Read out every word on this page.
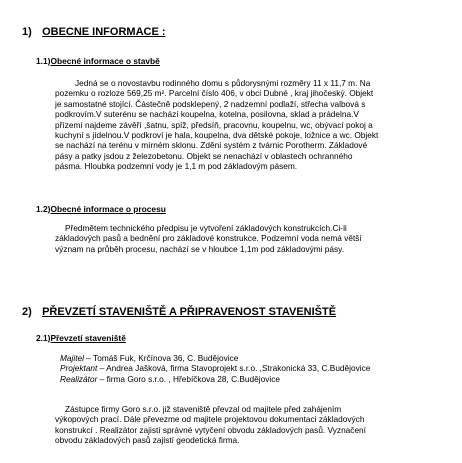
1) OBECNE INFORMACE :
1.1)Obecné informace o stavbě

Jedná se o novostavbu rodinného domu s půdorysnými rozměry 11 x 11,7 m. Na

pozemku o rozloze 569,25 m². Parcelní číslo 406, v obci Dubné , kraj jihočeský. Objekt

je samostatné stojící. Částečně podsklepený, 2 nadzemní podlaží, střecha valbová s

podkrovím.V suterénu se nachází koupelna, kotelna, posilovna, sklad a prádelna.V

přízemí najdeme závěří ,šatnu, spíž, předsíň, pracovnu, koupelnu, wc, obývací pokoj a

kuchyní s jídelnou.V podkroví je hala, koupelna, dva dětské pokoje, ložnice a wc. Objekt

se nachází na terénu v mírném sklonu. Zdění systém z tvárnic Porotherm. Základové

pásy a patky jsdou z železobetonu. Objekt se nenachází v oblastech ochranného

pásma. Hloubka podzemní vody je 1,1 m pod základovým pásem.

1.2)Obecné informace o procesu

Předmětem technického předpisu je vytvoření základových konstrukcích.Ci-li

základových pasů a bednění pro základové konstrukce. Podzemní voda nemá větší

význam na průběh procesu, nachází se v hloubce 1,1m pod základovými pásy.

2) PŘEVZETÍ STAVENIŠTĚ A PŘIPRAVENOST STAVENIŠTĚ
2.1)Převzetí staveniště

Majitel – Tomáš Fuk, Krčínova 36, C. Budějovice

Projektant – Andrea Jašková, firma Stavoprojekt s.r.o. ,Strakonická 33, C.Budějovice

Realizátor – firma Goro s.r.o. , Hřebíčkova 28, C.Budějovice

Zástupce firmy Goro s.r.o. již staveniště převzal od majitele před zahájením

výkopových prací. Dále převezme od majitele projektovou dokumentaci základových

konstrukcí . Realizátor zajistí správné vytyčení obvodu základových pasů. Vyznačení

obvodu základových pasů zajistí geodetická firma.
